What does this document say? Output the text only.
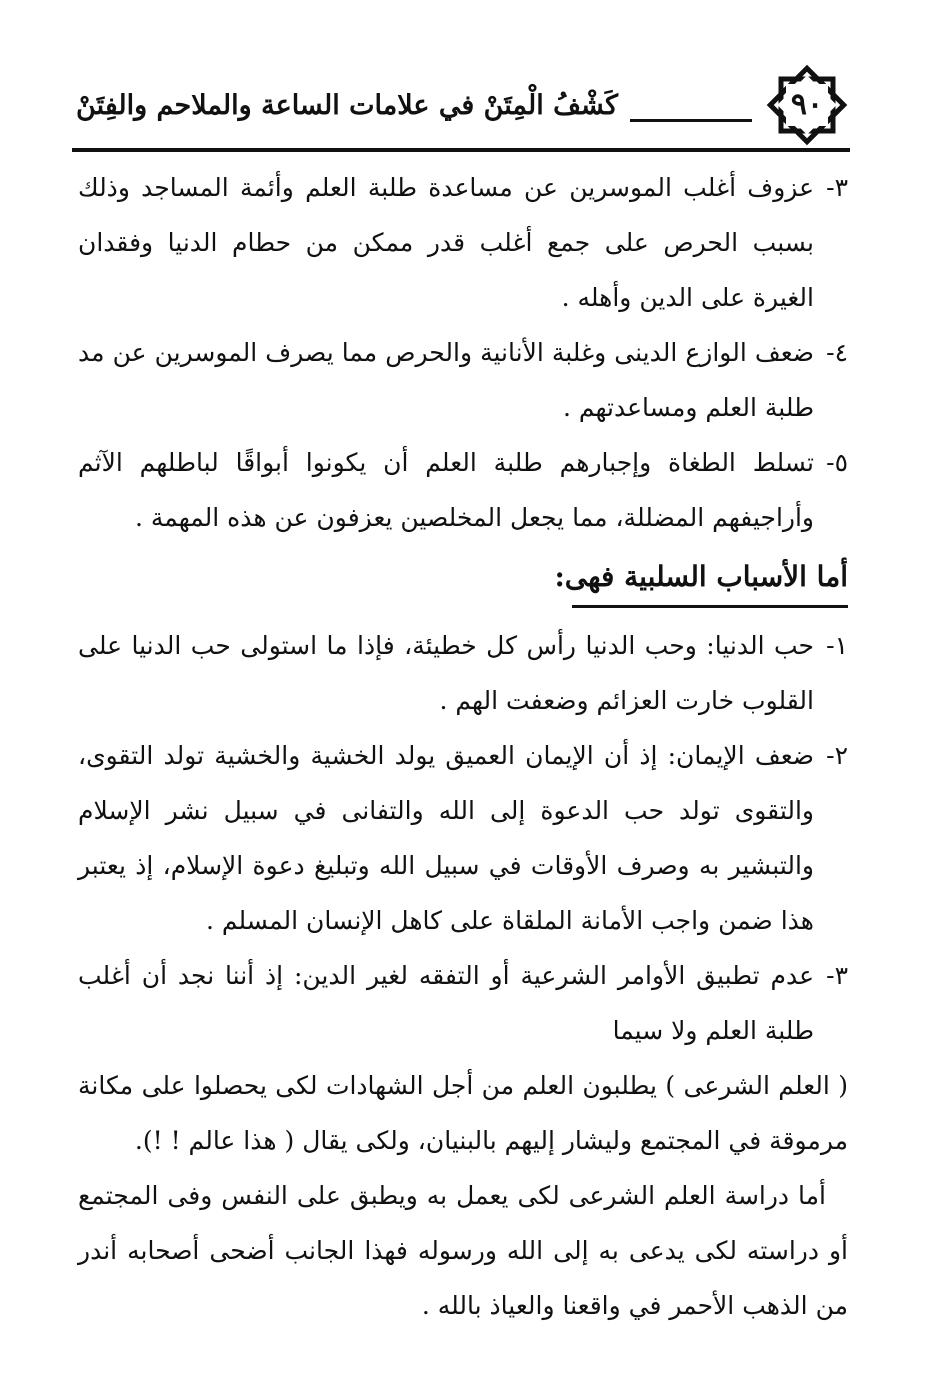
٩٠
كَشْفُ الْمِتَنْ في علامات الساعة والملاحم والفِتَنْ
٣-
عزوف أغلب الموسرين عن مساعدة طلبة العلم وأئمة المساجد وذلك بسبب الحرص على جمع أغلب قدر ممكن من حطام الدنيا وفقدان الغيرة على الدين وأهله .
٤-
ضعف الوازع الدينى وغلبة الأنانية والحرص مما يصرف الموسرين عن مد طلبة العلم ومساعدتهم .
٥-
تسلط الطغاة وإجبارهم طلبة العلم أن يكونوا أبواقًا لباطلهم الآثم وأراجيفهم المضللة، مما يجعل المخلصين يعزفون عن هذه المهمة .
أما الأسباب السلبية فهى:
١-
حب الدنيا: وحب الدنيا رأس كل خطيئة، فإذا ما استولى حب الدنيا على القلوب خارت العزائم وضعفت الهم .
٢-
ضعف الإيمان: إذ أن الإيمان العميق يولد الخشية والخشية تولد التقوى، والتقوى تولد حب الدعوة إلى الله والتفانى في سبيل نشر الإسلام والتبشير به وصرف الأوقات في سبيل الله وتبليغ دعوة الإسلام، إذ يعتبر هذا ضمن واجب الأمانة الملقاة على كاهل الإنسان المسلم .
٣-
عدم تطبيق الأوامر الشرعية أو التفقه لغير الدين: إذ أننا نجد أن أغلب طلبة العلم ولا سيما

( العلم الشرعى ) يطلبون العلم من أجل الشهادات لكى يحصلوا على مكانة مرموقة في المجتمع وليشار إليهم بالبنيان، ولكى يقال ( هذا عالم ! !).

أما دراسة العلم الشرعى لكى يعمل به ويطبق على النفس وفى المجتمع أو دراسته لكى يدعى به إلى الله ورسوله فهذا الجانب أضحى أصحابه أندر من الذهب الأحمر في واقعنا والعياذ بالله .
